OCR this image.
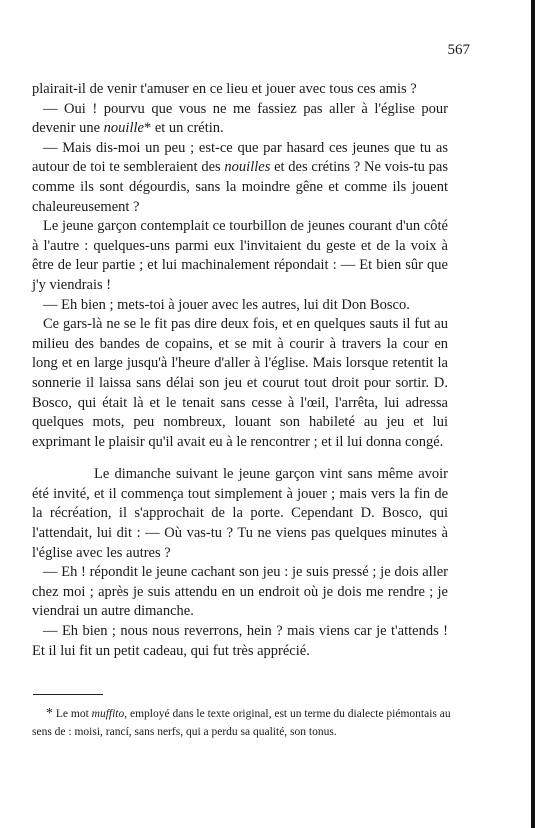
567

plairait-il de venir t'amuser en ce lieu et jouer avec tous ces amis ?

— Oui ! pourvu que vous ne me fassiez pas aller à l'église pour devenir une nouille* et un crétin.

— Mais dis-moi un peu ; est-ce que par hasard ces jeunes que tu as autour de toi te sembleraient des nouilles et des crétins ? Ne vois-tu pas comme ils sont dégourdis, sans la moindre gêne et comme ils jouent chaleureusement ?

Le jeune garçon contemplait ce tourbillon de jeunes courant d'un côté à l'autre : quelques-uns parmi eux l'invitaient du geste et de la voix à être de leur partie ; et lui machinalement répondait : — Et bien sûr que j'y viendrais !

— Eh bien ; mets-toi à jouer avec les autres, lui dit Don Bosco.

Ce gars-là ne se le fit pas dire deux fois, et en quelques sauts il fut au milieu des bandes de copains, et se mit à courir à travers la cour en long et en large jusqu'à l'heure d'aller à l'église. Mais lorsque retentit la sonnerie il laissa sans délai son jeu et courut tout droit pour sortir. D. Bosco, qui était là et le tenait sans cesse à l'œil, l'arrêta, lui adressa quelques mots, peu nombreux, louant son habileté au jeu et lui exprimant le plaisir qu'il avait eu à le rencontrer ; et il lui donna congé.

Le dimanche suivant le jeune garçon vint sans même avoir été invité, et il commença tout simplement à jouer ; mais vers la fin de la récréation, il s'approchait de la porte. Cependant D. Bosco, qui l'attendait, lui dit : — Où vas-tu ? Tu ne viens pas quelques minutes à l'église avec les autres ?

— Eh ! répondit le jeune cachant son jeu : je suis pressé ; je dois aller chez moi ; après je suis attendu en un endroit où je dois me rendre ; je viendrai un autre dimanche.

— Eh bien ; nous nous reverrons, hein ? mais viens car je t'attends ! Et il lui fit un petit cadeau, qui fut très apprécié.

* Le mot muffito, employé dans le texte original, est un terme du dialecte piémontais au sens de : moisi, rancí, sans nerfs, qui a perdu sa qualité, son tonus.
